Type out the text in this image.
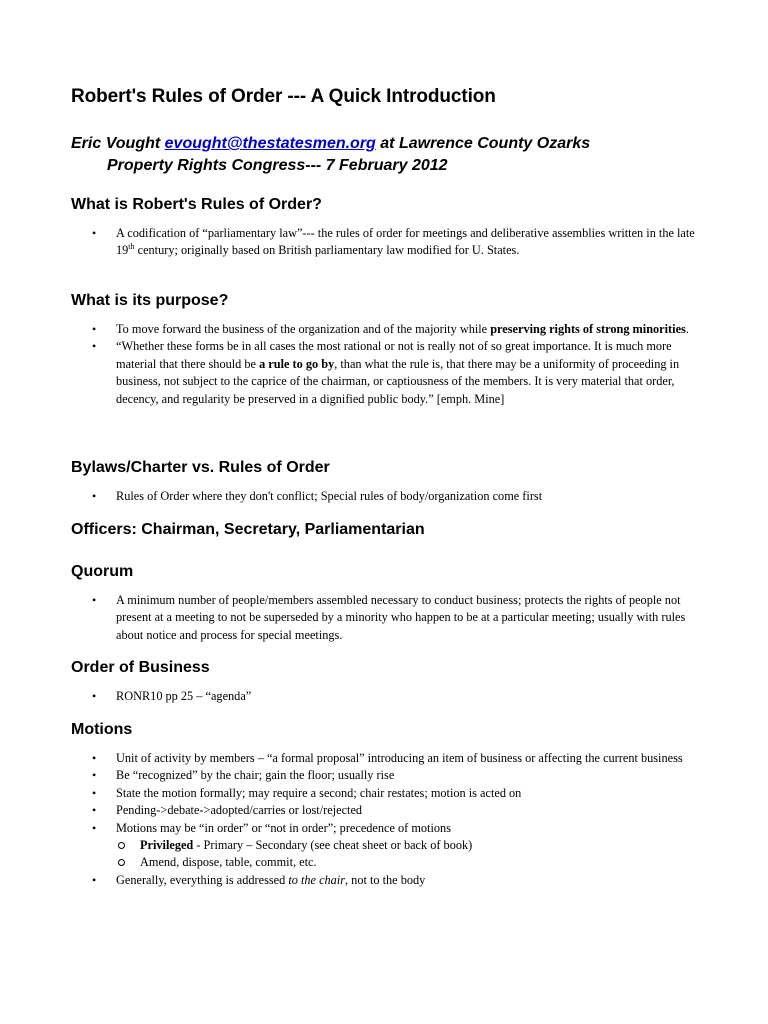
Robert's Rules of Order --- A Quick Introduction
Eric Vought evought@thestatesmen.org at Lawrence County Ozarks
Property Rights Congress--- 7 February 2012
What is Robert's Rules of Order?
• A codification of “parliamentary law”--- the rules of order for meetings and deliberative assemblies written in the late 19th century; originally based on British parliamentary law modified for U. States.
What is its purpose?
• To move forward the business of the organization and of the majority while preserving rights of strong minorities.
• “Whether these forms be in all cases the most rational or not is really not of so great importance. It is much more material that there should be a rule to go by, than what the rule is, that there may be a uniformity of proceeding in business, not subject to the caprice of the chairman, or captiousness of the members. It is very material that order, decency, and regularity be preserved in a dignified public body.” [emph. Mine]
Bylaws/Charter vs. Rules of Order
• Rules of Order where they don't conflict; Special rules of body/organization come first
Officers: Chairman, Secretary, Parliamentarian
Quorum
• A minimum number of people/members assembled necessary to conduct business; protects the rights of people not present at a meeting to not be superseded by a minority who happen to be at a particular meeting; usually with rules about notice and process for special meetings.
Order of Business
• RONR10 pp 25 – “agenda”
Motions
• Unit of activity by members – “a formal proposal” introducing an item of business or affecting the current business
• Be “recognized” by the chair; gain the floor; usually rise
• State the motion formally; may require a second; chair restates; motion is acted on
• Pending->debate->adopted/carries or lost/rejected
• Motions may be “in order” or “not in order”; precedence of motions
Privileged - Primary – Secondary (see cheat sheet or back of book)
Amend, dispose, table, commit, etc.
• Generally, everything is addressed to the chair, not to the body
